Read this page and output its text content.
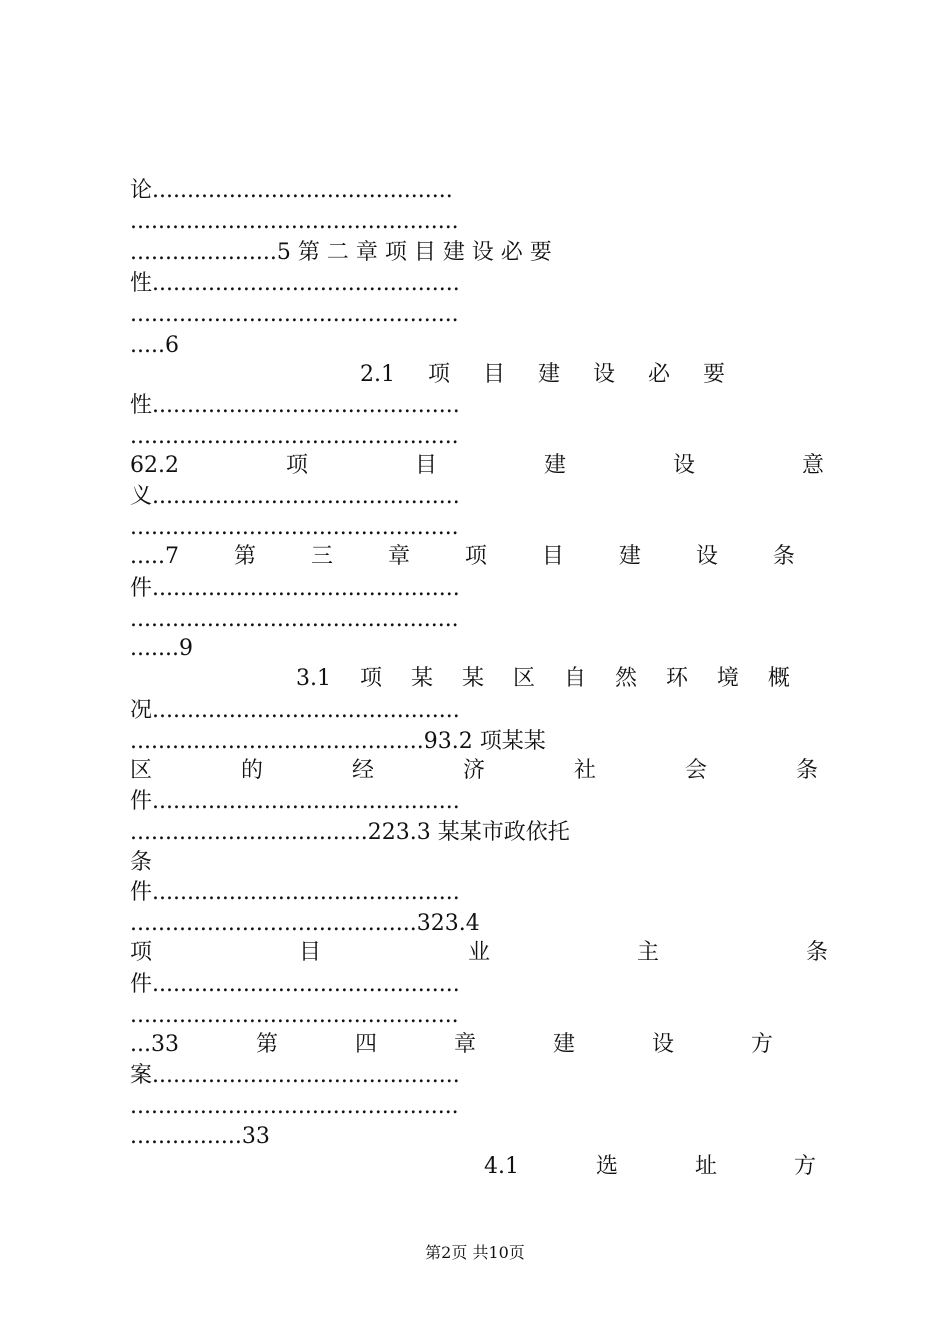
论...........................................
...............................................
.....................5 第 二 章 项 目 建 设 必 要
性............................................
...............................................
.....6
2.1 项 目 建 设 必 要
性............................................
...............................................
62.2 项 目 建 设 意
义............................................
...............................................
.....7 第 三 章 项 目 建 设 条
件............................................
...............................................
.......9
3.1 项 某 某 区 自 然 环 境 概
况............................................
..........................................93.2 项某某
区 的 经 济 社 会 条
件............................................
..................................223.3 某某市政依托
条
件............................................
.........................................323.4
项 目 业 主 条
件............................................
...............................................
...33 第 四 章 建 设 方
案............................................
...............................................
................33
4.1 选 址 方
第2页 共10页
